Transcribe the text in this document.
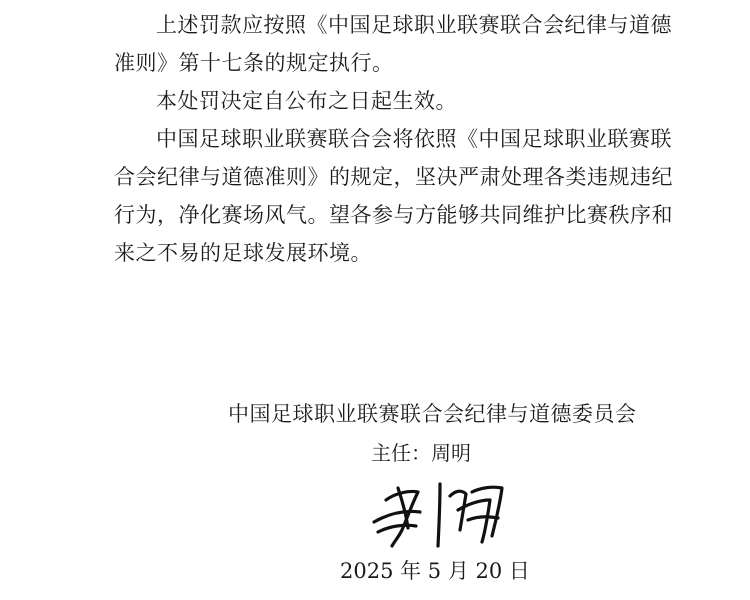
上述罚款应按照《中国足球职业联赛联合会纪律与道德准则》第十七条的规定执行。

本处罚决定自公布之日起生效。

中国足球职业联赛联合会将依照《中国足球职业联赛联合会纪律与道德准则》的规定，坚决严肃处理各类违规违纪行为，净化赛场风气。望各参与方能够共同维护比赛秩序和来之不易的足球发展环境。

中国足球职业联赛联合会纪律与道德委员会
主任：周明
2025 年 5 月 20 日
